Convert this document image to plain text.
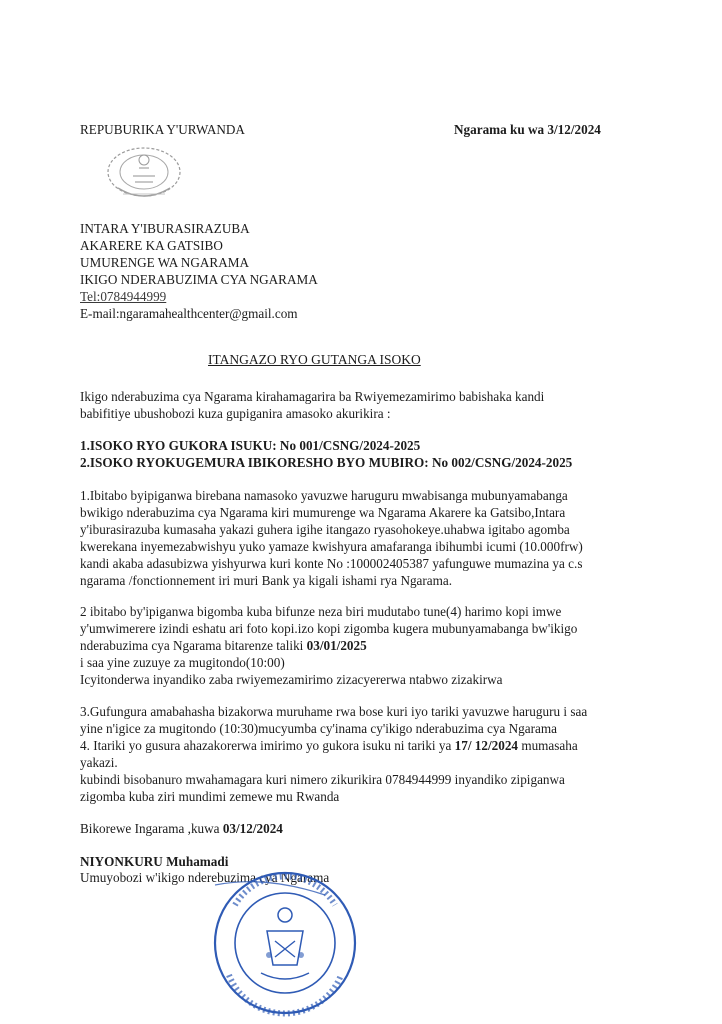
REPUBURIKA Y'URWANDA	Ngarama ku wa 3/12/2024
INTARA Y'IBURASIRAZUBA
AKARERE KA GATSIBO
UMURENGE WA NGARAMA
IKIGO NDERABUZIMA CYA NGARAMA
Tel:0784944999
E-mail:ngaramahealthcenter@gmail.com
ITANGAZO RYO GUTANGA ISOKO
Ikigo nderabuzima cya Ngarama kirahamagarira ba Rwiyemezamirimo babishaka kandi
babifitiye ubushobozi kuza gupiganira amasoko akurikira :
1.ISOKO RYO GUKORA ISUKU: No 001/CSNG/2024-2025
2.ISOKO RYOKUGEMURA IBIKORESHO BYO MUBIRO: No 002/CSNG/2024-2025
1.Ibitabo byipiganwa birebana namasoko yavuzwe haruguru mwabisanga mubunyamabanga
bwikigo nderabuzima cya Ngarama kiri mumurenge wa Ngarama Akarere ka Gatsibo,Intara
y'iburasirazuba kumasaha yakazi guhera igihe itangazo ryasohokeye.uhabwa igitabo agomba
kwerekana inyemezabwishyu yuko yamaze kwishyura amafaranga ibihumbi icumi (10.000frw)
kandi akaba adasubizwa yishyurwa kuri konte No :100002405387 yafunguwe mumazina ya c.s
ngarama /fonctionnement iri muri Bank ya kigali ishami rya Ngarama.
2 ibitabo by'ipiganwa bigomba kuba bifunze neza biri mudutabo tune(4) harimo kopi imwe
y'umwimerere izindi eshatu ari foto kopi.izo kopi zigomba kugera mubunyamabanga bw'ikigo
nderabuzima cya Ngarama bitarenze taliki 03/01/2025
i saa yine zuzuye za mugitondo(10:00)
Icyitonderwa inyandiko zaba rwiyemezamirimo zizacyererwa ntabwo zizakirwa
3.Gufungura amabahasha bizakorwa muruhame rwa bose kuri iyo tariki yavuzwe haruguru i saa
yine n'igice za mugitondo (10:30)mucyumba cy'inama cy'ikigo nderabuzima cya Ngarama
4. Itariki yo gusura ahazakorerwa imirimo yo gukora isuku ni tariki ya 17/ 12/2024 mumasaha
yakazi.
kubindi bisobanuro mwahamagara kuri nimero zikurikira 0784944999 inyandiko zipiganwa
zigomba kuba ziri mundimi zemewe mu Rwanda
Bikorewe Ingarama ,kuwa 03/12/2024
NIYONKURU Muhamadi
Umuyobozi w'ikigo nderebuzima cya Ngarama
